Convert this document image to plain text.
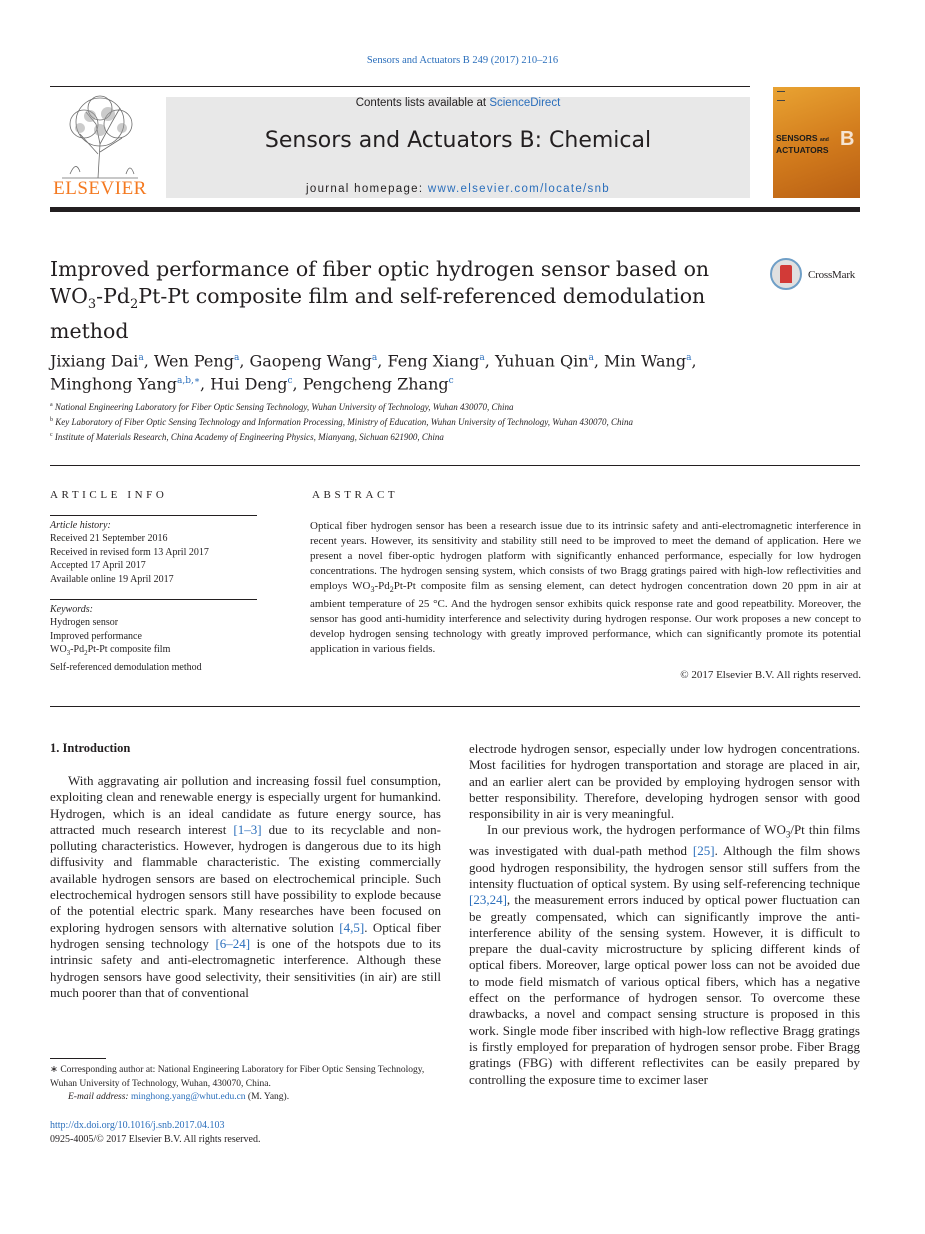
Sensors and Actuators B 249 (2017) 210–216
ELSEVIER
Contents lists available at ScienceDirect
Sensors and Actuators B: Chemical
journal homepage: www.elsevier.com/locate/snb
SENSORS and
ACTUATORS B
Improved performance of fiber optic hydrogen sensor based on
$WO_3-Pd_2Pt-Pt$ composite film and self-referenced demodulation
method
CrossMark
Jixiang Dai$^a$, Wen Peng$^a$, Gaopeng Wang$^a$, Feng Xiang$^a$, Yuhuan Qin$^a$, Min Wang$^a$,
Minghong Yang$^{a,b,∗}$, Hui Deng$^c$, Pengcheng Zhang$^c$
$^a$ National Engineering Laboratory for Fiber Optic Sensing Technology, Wuhan University of Technology, Wuhan 430070, China
$^b$ Key Laboratory of Fiber Optic Sensing Technology and Information Processing, Ministry of Education, Wuhan University of Technology, Wuhan 430070, China
$^c$ Institute of Materials Research, China Academy of Engineering Physics, Mianyang, Sichuan 621900, China
ARTICLE INFO
Article history:
Received 21 September 2016
Received in revised form 13 April 2017
Accepted 17 April 2017
Available online 19 April 2017
Keywords:
Hydrogen sensor
Improved performance
$WO_3-Pd_2Pt-Pt$ composite film
Self-referenced demodulation method
ABSTRACT
Optical fiber hydrogen sensor has been a research issue due to its intrinsic safety and anti-electromagnetic interference in recent years. However, its sensitivity and stability still need to be improved to meet the demand of application. Here we present a novel fiber-optic hydrogen platform with significantly enhanced performance, especially for low hydrogen concentrations. The hydrogen sensing system, which consists of two Bragg gratings paired with high-low reflectivities and employs $WO_3-Pd_2Pt-Pt$ composite film as sensing element, can detect hydrogen concentration down 20 ppm in air at ambient temperature of 25 °C. And the hydrogen sensor exhibits quick response rate and good repeatbility. Moreover, the sensor has good anti-humidity interference and selectivity during hydrogen response. Our work proposes a new concept to develop hydrogen sensing technology with greatly improved performance, which can significantly promote its potential application in various fields.
© 2017 Elsevier B.V. All rights reserved.
1. Introduction

With aggravating air pollution and increasing fossil fuel consumption, exploiting clean and renewable energy is especially urgent for humankind. Hydrogen, which is an ideal candidate as future energy source, has attracted much research interest [1–3] due to its recyclable and non-polluting characteristics. However, hydrogen is dangerous due to its high diffusivity and flammable characteristic. The existing commercially available hydrogen sensors are based on electrochemical principle. Such electrochemical hydrogen sensors still have possibility to explode because of the potential electric spark. Many researches have been focused on exploring hydrogen sensors with alternative solution [4,5]. Optical fiber hydrogen sensing technology [6–24] is one of the hotspots due to its intrinsic safety and anti-electromagnetic interference. Although these hydrogen sensors have good selectivity, their sensitivities (in air) are still much poorer than that of conventional

electrode hydrogen sensor, especially under low hydrogen concentrations. Most facilities for hydrogen transportation and storage are placed in air, and an earlier alert can be provided by employing hydrogen sensor with better responsibility. Therefore, developing hydrogen sensor with good responsibility in air is very meaningful.

In our previous work, the hydrogen performance of $WO_3/Pt$ thin films was investigated with dual-path method [25]. Although the film shows good hydrogen responsibility, the hydrogen sensor still suffers from the intensity fluctuation of optical system. By using self-referencing technique [23,24], the measurement errors induced by optical power fluctuation can be greatly compensated, which can significantly improve the anti-interference ability of the sensing system. However, it is difficult to prepare the dual-cavity microstructure by splicing different kinds of optical fibers. Moreover, large optical power loss can not be avoided due to mode field mismatch of various optical fibers, which has a negative effect on the performance of hydrogen sensor. To overcome these drawbacks, a novel and compact sensing structure is proposed in this work. Single mode fiber inscribed with high-low reflective Bragg gratings is firstly employed for preparation of hydrogen sensor probe. Fiber Bragg gratings (FBG) with different reflectivites can be easily prepared by controlling the exposure time to excimer laser

∗ Corresponding author at: National Engineering Laboratory for Fiber Optic Sensing Technology, Wuhan University of Technology, Wuhan, 430070, China.
E-mail address: minghong.yang@whut.edu.cn (M. Yang).
http://dx.doi.org/10.1016/j.snb.2017.04.103
0925-4005/© 2017 Elsevier B.V. All rights reserved.
